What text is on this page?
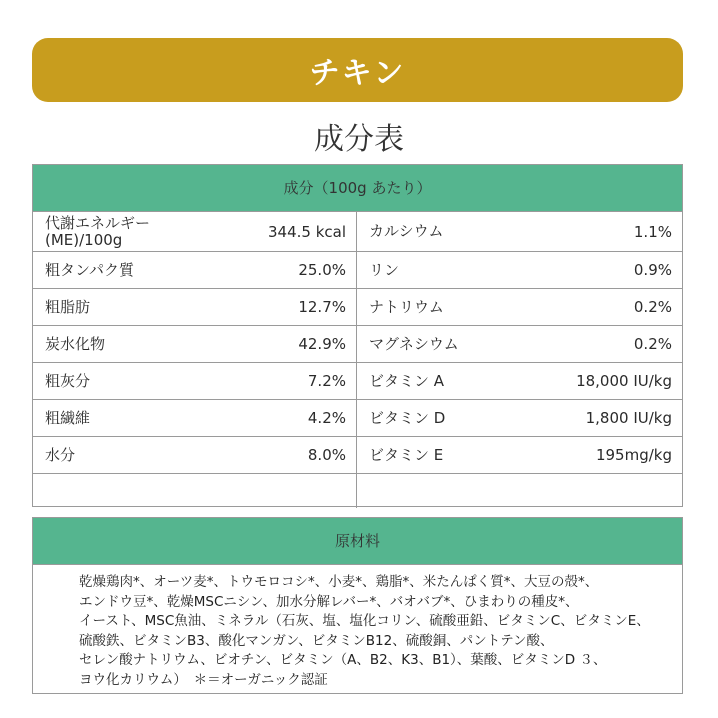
チキン
成分表
成分（100g あたり）
代謝エネルギー
(ME)/100g	344.5 kcal カルシウム	1.1%
粗タンパク質	25.0% リン	0.9%
粗脂肪	12.7% ナトリウム	0.2%
炭水化物	42.9% マグネシウム	0.2%
粗灰分	7.2% ビタミン A	18,000 IU/kg
粗繊維	4.2% ビタミン D	1,800 IU/kg
水分	8.0% ビタミン E	195mg/kg
原材料
乾燥鶏肉*、オーツ麦*、トウモロコシ*、小麦*、鶏脂*、米たんぱく質*、大豆の殻*、
エンドウ豆*、乾燥MSCニシン、加水分解レバー*、バオバブ*、ひまわりの種皮*、
イースト、MSC魚油、ミネラル（石灰、塩、塩化コリン、硫酸亜鉛、ビタミンC、ビタミンE、
硫酸鉄、ビタミンB3、酸化マンガン、ビタミンB12、硫酸銅、パントテン酸、
セレン酸ナトリウム、ビオチン、ビタミン（A、B2、K3、B1）、葉酸、ビタミンD ３、
ヨウ化カリウム）　＊＝オーガニック認証
